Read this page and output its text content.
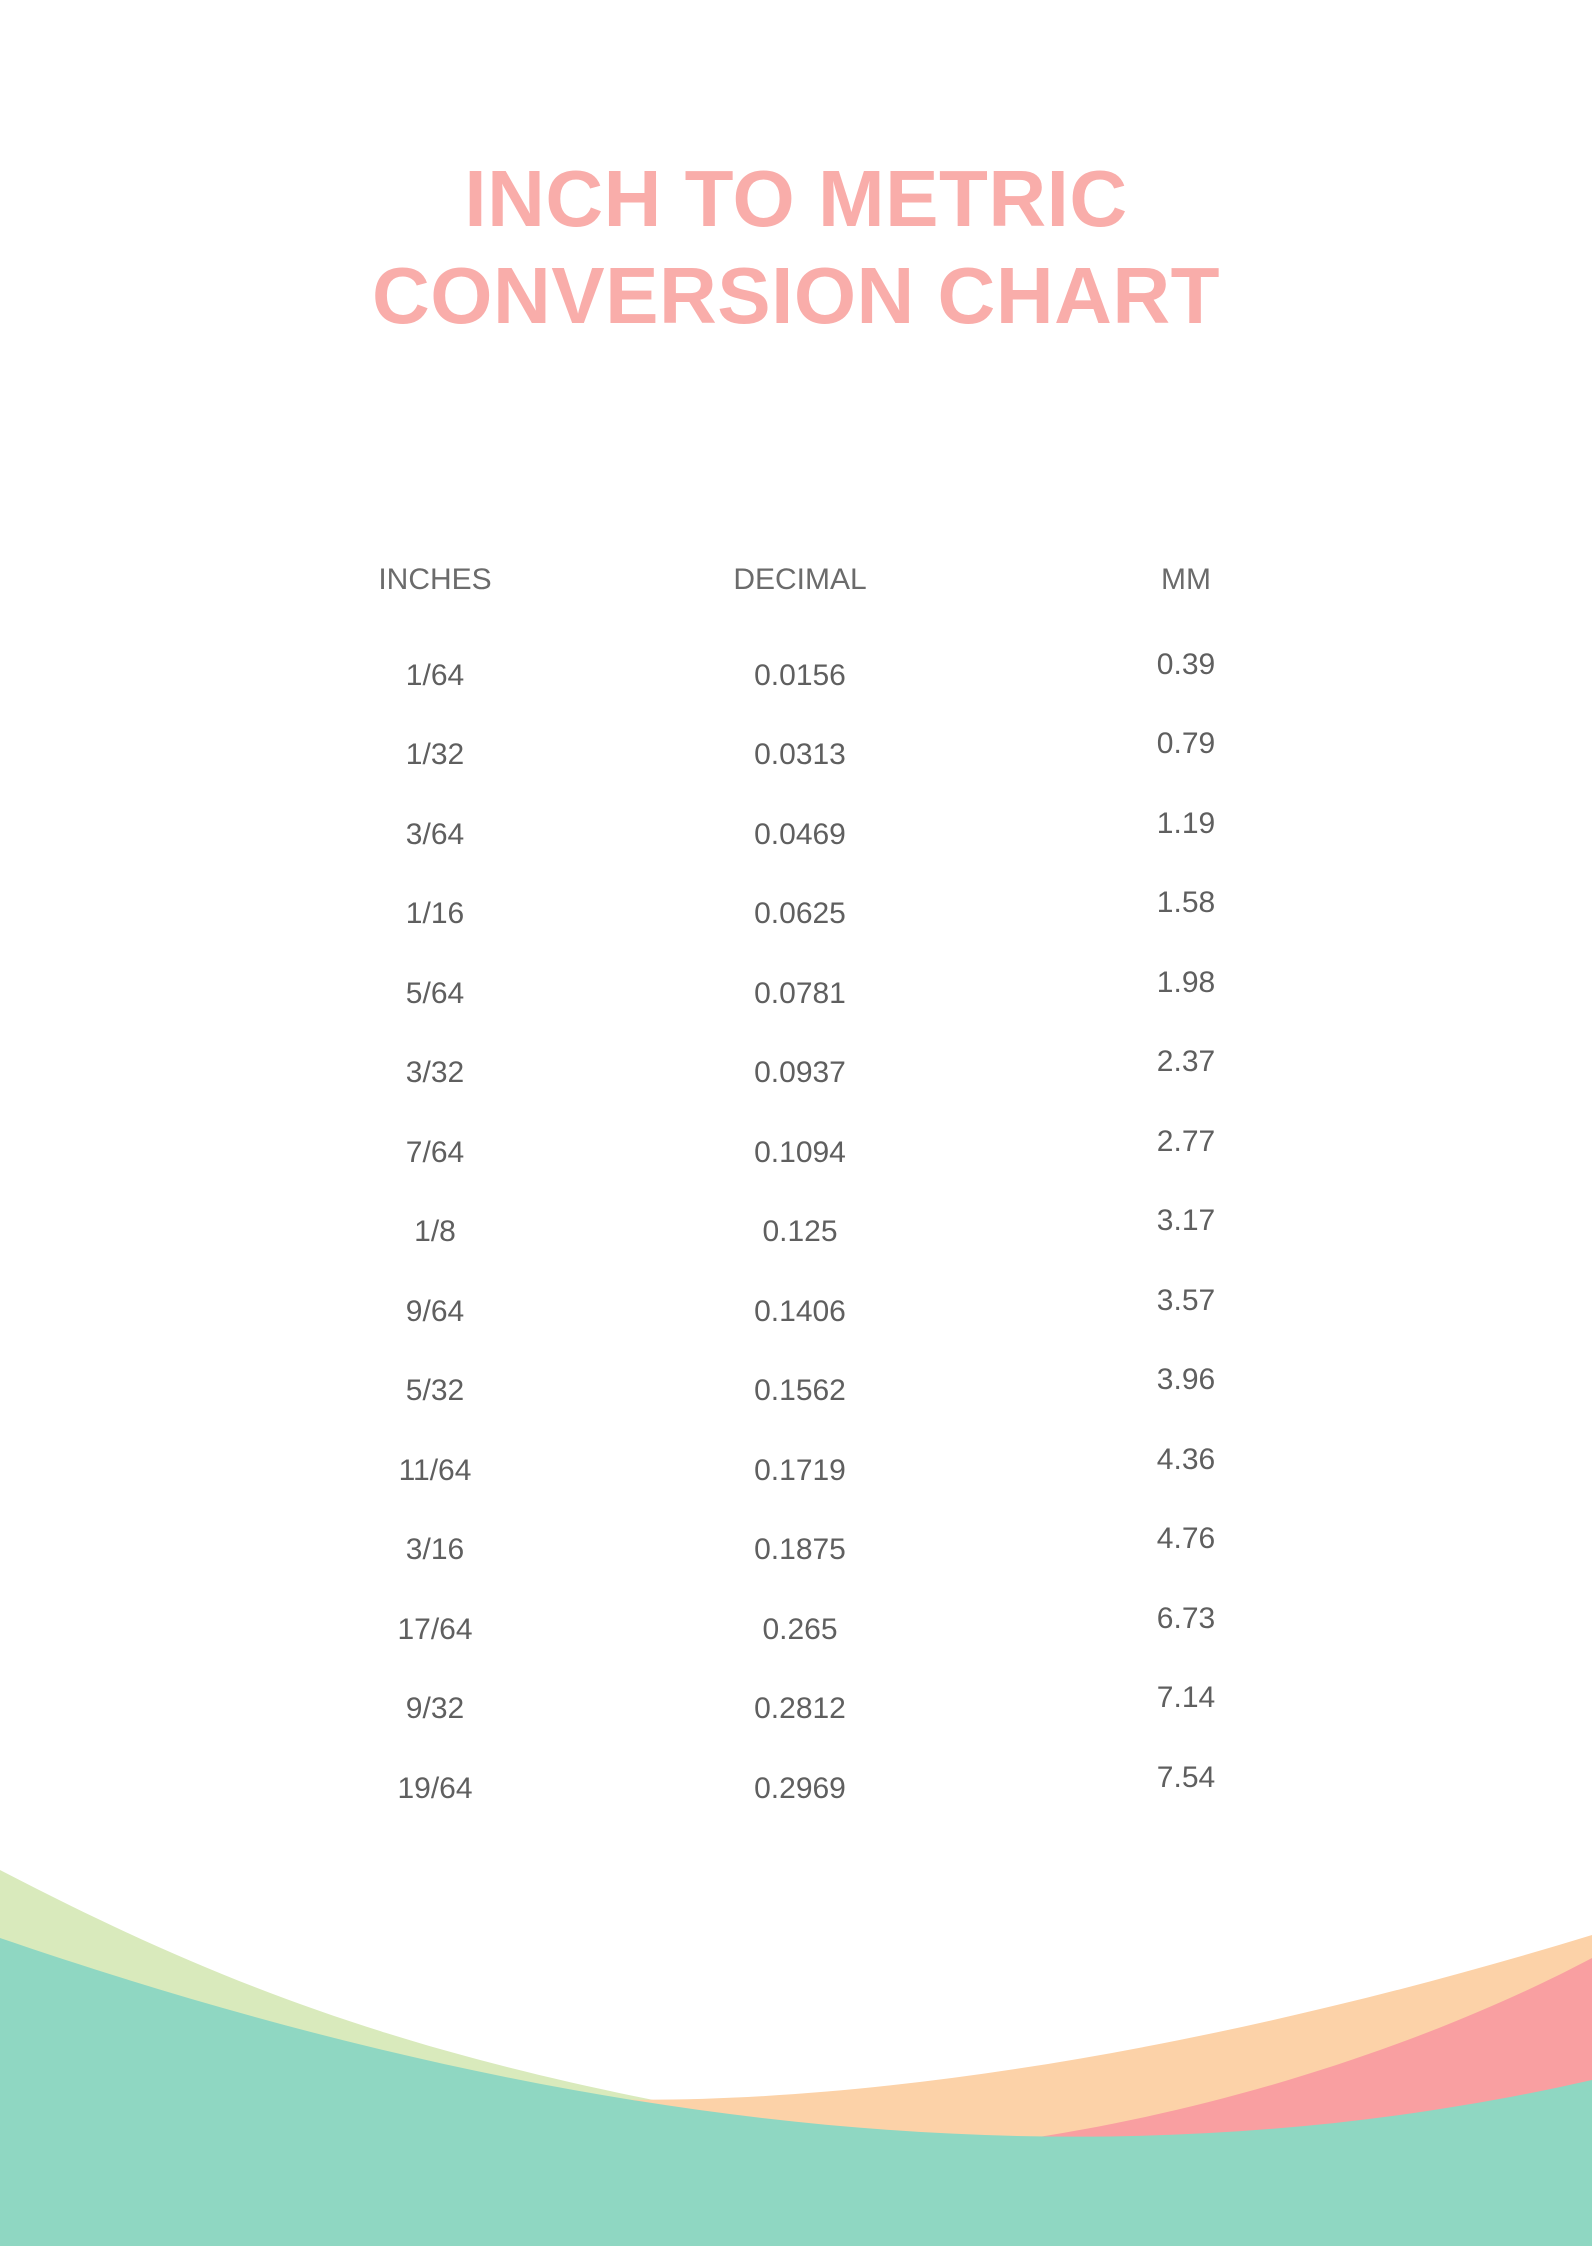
INCH TO METRIC
CONVERSION CHART
INCHES	DECIMAL	MM
1/64	0.0156	0.39
1/32	0.0313	0.79
3/64	0.0469	1.19
1/16	0.0625	1.58
5/64	0.0781	1.98
3/32	0.0937	2.37
7/64	0.1094	2.77
1/8	0.125	3.17
9/64	0.1406	3.57
5/32	0.1562	3.96
11/64	0.1719	4.36
3/16	0.1875	4.76
17/64	0.265	6.73
9/32	0.2812	7.14
19/64	0.2969	7.54
